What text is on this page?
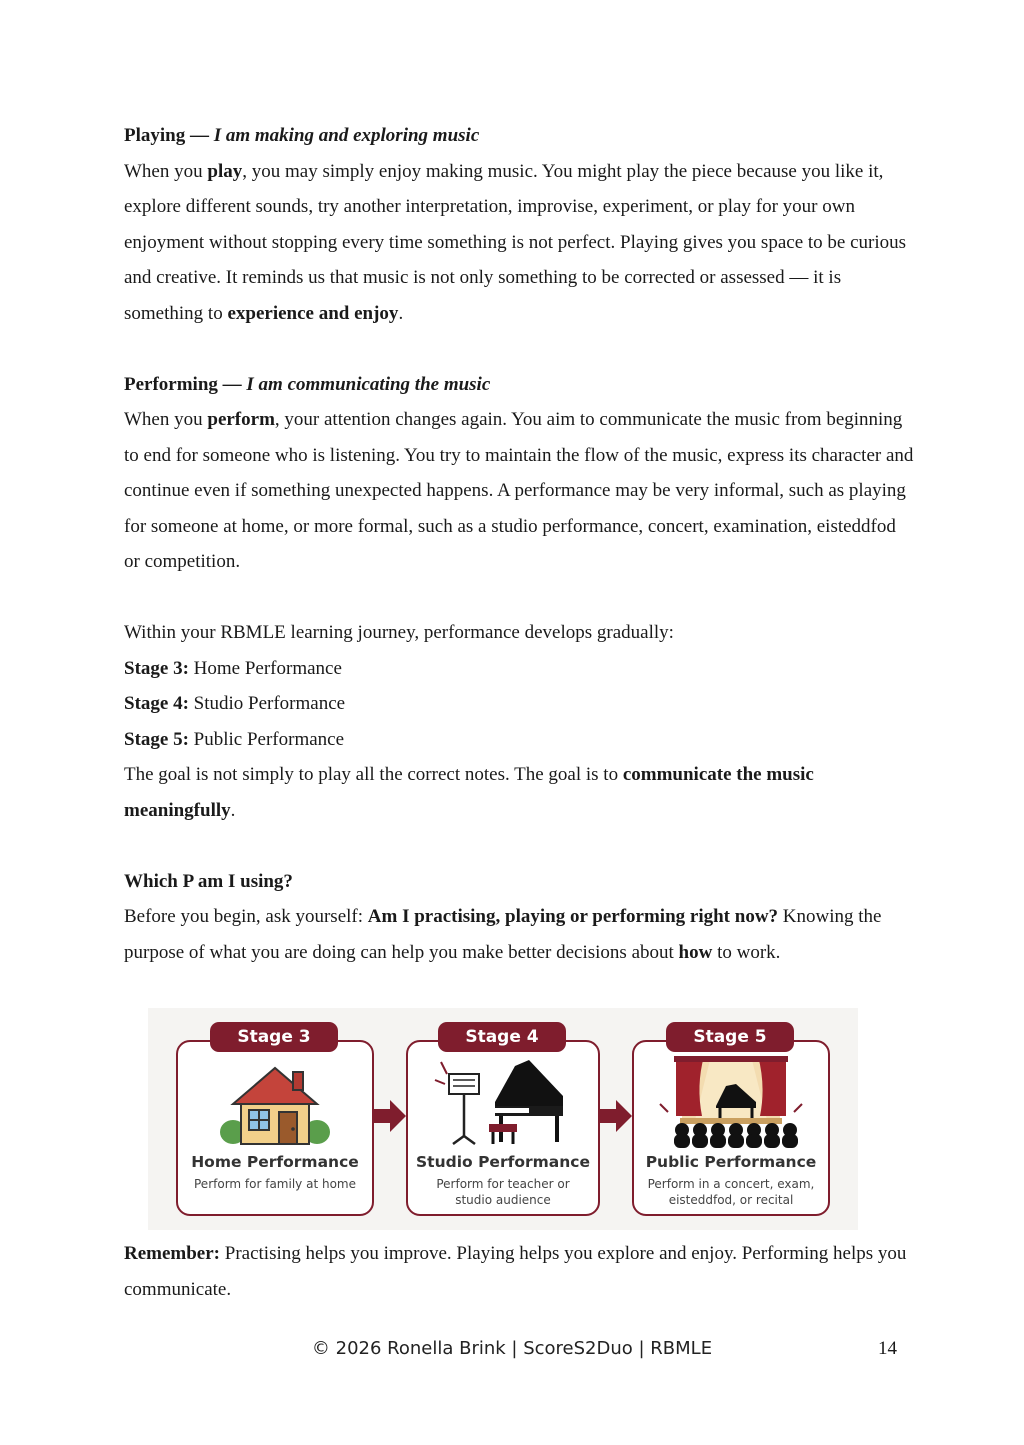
Playing — I am making and exploring music

When you play, you may simply enjoy making music. You might play the piece because you like it, explore different sounds, try another interpretation, improvise, experiment, or play for your own enjoyment without stopping every time something is not perfect. Playing gives you space to be curious and creative. It reminds us that music is not only something to be corrected or assessed — it is something to experience and enjoy.

Performing — I am communicating the music

When you perform, your attention changes again. You aim to communicate the music from beginning to end for someone who is listening. You try to maintain the flow of the music, express its character and continue even if something unexpected happens. A performance may be very informal, such as playing for someone at home, or more formal, such as a studio performance, concert, examination, eisteddfod or competition.

Within your RBMLE learning journey, performance develops gradually:

Stage 3: Home Performance

Stage 4: Studio Performance

Stage 5: Public Performance

The goal is not simply to play all the correct notes. The goal is to communicate the music meaningfully.

Which P am I using?

Before you begin, ask yourself: Am I practising, playing or performing right now? Knowing the purpose of what you are doing can help you make better decisions about how to work.

Home Performance
Perform for family at home
Stage 3
Studio Performance
Perform for teacher or
studio audience
Stage 4
Public Performance
Perform in a concert, exam,
eisteddfod, or recital
Stage 5

Remember: Practising helps you improve. Playing helps you explore and enjoy. Performing helps you communicate.

© 2026 Ronella Brink | ScoreS2Duo | RBMLE	14
